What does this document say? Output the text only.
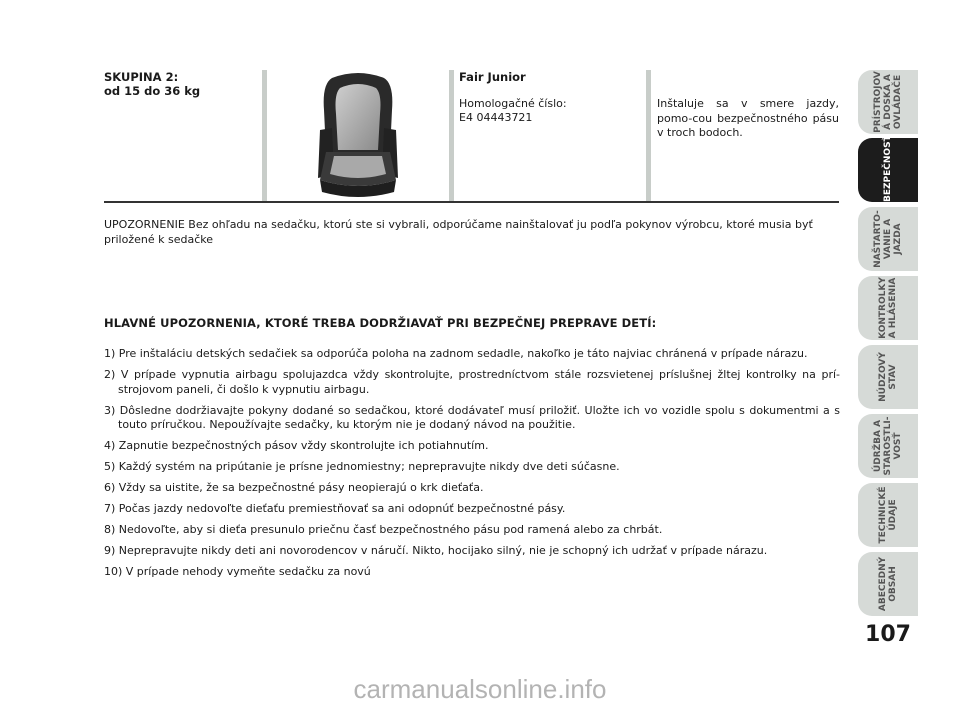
SKUPINA 2:
od 15 do 36 kg
Fair Junior
Homologačné číslo:
E4 04443721
Inštaluje sa v smere jazdy, pomo-cou bezpečnostného pásu v troch bodoch.
UPOZORNENIE Bez ohľadu na sedačku, ktorú ste si vybrali, odporúčame nainštalovať ju podľa pokynov výrobcu, ktoré musia byť priložené k sedačke
HLAVNÉ UPOZORNENIA, KTORÉ TREBA DODRŽIAVAŤ PRI BEZPEČNEJ PREPRAVE DETÍ:
1) Pre inštaláciu detských sedačiek sa odporúča poloha na zadnom sedadle, nakoľko je táto najviac chránená v prípade nárazu.
2) V prípade vypnutia airbagu spolujazdca vždy skontrolujte, prostredníctvom stále rozsvietenej príslušnej žltej kontrolky na prí-strojovom paneli, či došlo k vypnutiu airbagu.
3) Dôsledne dodržiavajte pokyny dodané so sedačkou, ktoré dodávateľ musí priložiť. Uložte ich vo vozidle spolu s dokumentmi a s touto príručkou. Nepoužívajte sedačky, ku ktorým nie je dodaný návod na použitie.
4) Zapnutie bezpečnostných pásov vždy skontrolujte ich potiahnutím.
5) Každý systém na pripútanie je prísne jednomiestny; neprepravujte nikdy dve deti súčasne.
6) Vždy sa uistite, že sa bezpečnostné pásy neopierajú o krk dieťaťa.
7) Počas jazdy nedovoľte dieťaťu premiestňovať sa ani odopnúť bezpečnostné pásy.
8) Nedovoľte, aby si dieťa presunulo priečnu časť bezpečnostného pásu pod ramená alebo za chrbát.
9) Neprepravujte nikdy deti ani novorodencov v náručí. Nikto, hocijako silný, nie je schopný ich udržať v prípade nárazu.
10) V prípade nehody vymeňte sedačku za novú
PRÍSTROJOV
Á DOSKA A
OVLÁDAČE
BEZPEČNOSŤ
NAŠTARTO-
VANIE A
JAZDA
KONTROLKY
A HLÁSENIA
NÚDZOVÝ
STAV
ÚDRŽBA A
STAROSTLI-
VOSŤ
TECHNICKÉ
ÚDAJE
ABECEDNÝ
OBSAH
107
carmanualsonline.info
